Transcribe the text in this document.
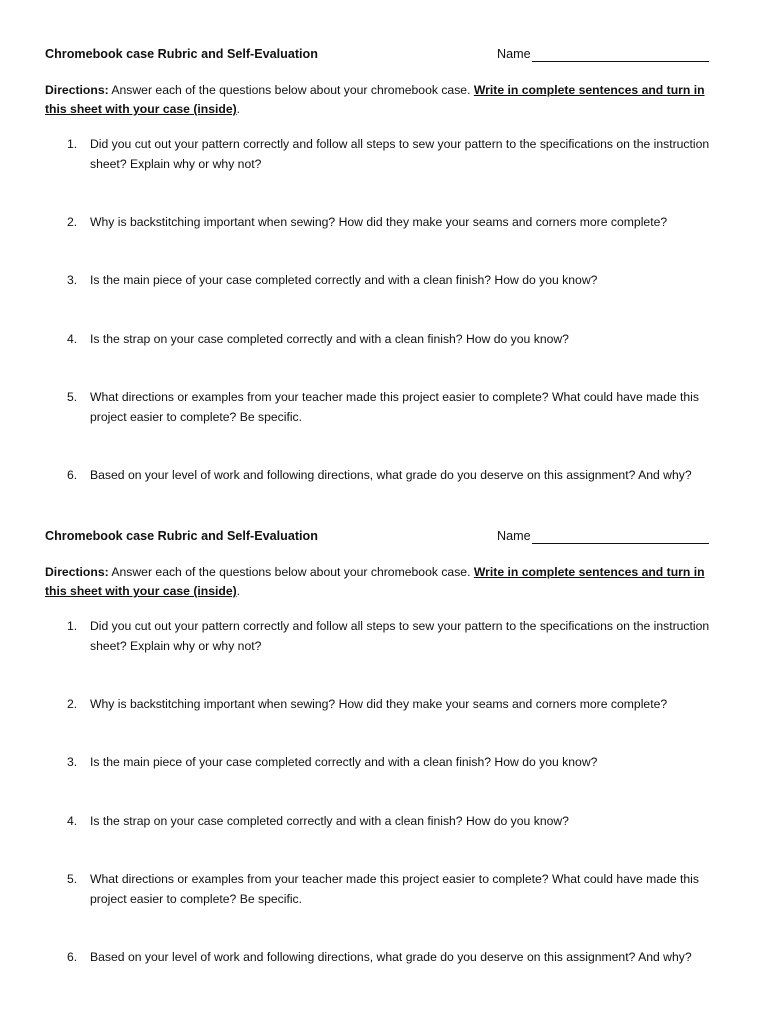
Chromebook case Rubric and Self-Evaluation	Name
Directions: Answer each of the questions below about your chromebook case. Write in complete sentences and turn in this sheet with your case (inside).
1. Did you cut out your pattern correctly and follow all steps to sew your pattern to the specifications on the instruction sheet? Explain why or why not?
2. Why is backstitching important when sewing? How did they make your seams and corners more complete?
3. Is the main piece of your case completed correctly and with a clean finish? How do you know?
4. Is the strap on your case completed correctly and with a clean finish? How do you know?
5. What directions or examples from your teacher made this project easier to complete? What could have made this project easier to complete? Be specific.
6. Based on your level of work and following directions, what grade do you deserve on this assignment? And why?
Chromebook case Rubric and Self-Evaluation	Name
Directions: Answer each of the questions below about your chromebook case. Write in complete sentences and turn in this sheet with your case (inside).
1. Did you cut out your pattern correctly and follow all steps to sew your pattern to the specifications on the instruction sheet? Explain why or why not?
2. Why is backstitching important when sewing? How did they make your seams and corners more complete?
3. Is the main piece of your case completed correctly and with a clean finish? How do you know?
4. Is the strap on your case completed correctly and with a clean finish? How do you know?
5. What directions or examples from your teacher made this project easier to complete? What could have made this project easier to complete? Be specific.
6. Based on your level of work and following directions, what grade do you deserve on this assignment? And why?
